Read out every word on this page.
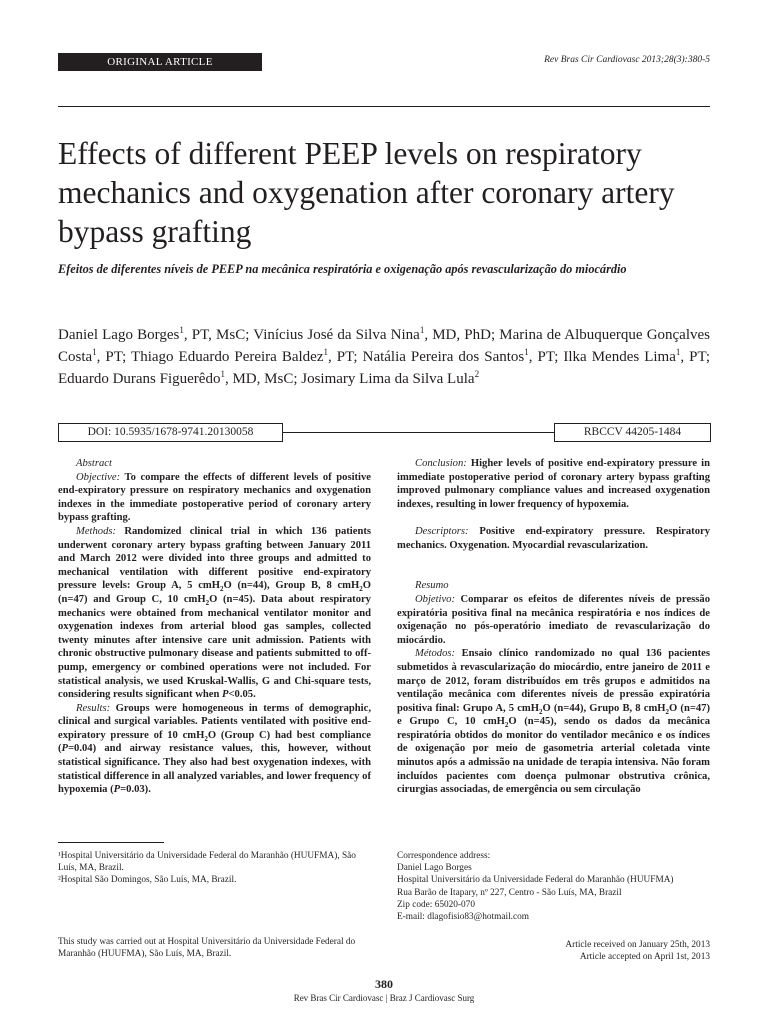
ORIGINAL ARTICLE	Rev Bras Cir Cardiovasc 2013;28(3):380-5
Effects of different PEEP levels on respiratory mechanics and oxygenation after coronary artery bypass grafting
Efeitos de diferentes níveis de PEEP na mecânica respiratória e oxigenação após revascularização do miocárdio
Daniel Lago Borges$^1$, PT, MsC; Vinícius José da Silva Nina$^1$, MD, PhD; Marina de Albuquerque Gonçalves Costa$^1$, PT; Thiago Eduardo Pereira Baldez$^1$, PT; Natália Pereira dos Santos$^1$, PT; Ilka Mendes Lima$^1$, PT; Eduardo Durans Figuerêdo$^1$, MD, MsC; Josimary Lima da Silva Lula$^2$
DOI: 10.5935/1678-9741.20130058	RBCCV 44205-1484

Abstract

Objective: To compare the effects of different levels of positive end-expiratory pressure on respiratory mechanics and oxygenation indexes in the immediate postoperative period of coronary artery bypass grafting.

Methods: Randomized clinical trial in which 136 patients underwent coronary artery bypass grafting between January 2011 and March 2012 were divided into three groups and admitted to mechanical ventilation with different positive end-expiratory pressure levels: Group A, 5 cmH$_2$O (n=44), Group B, 8 cmH$_2$O (n=47) and Group C, 10 cmH$_2$O (n=45). Data about respiratory mechanics were obtained from mechanical ventilator monitor and oxygenation indexes from arterial blood gas samples, collected twenty minutes after intensive care unit admission. Patients with chronic obstructive pulmonary disease and patients submitted to off-pump, emergency or combined operations were not included. For statistical analysis, we used Kruskal-Wallis, G and Chi-square tests, considering results significant when P<0.05.

Results: Groups were homogeneous in terms of demographic, clinical and surgical variables. Patients ventilated with positive end-expiratory pressure of 10 cmH$_2$O (Group C) had best compliance (P=0.04) and airway resistance values, this, however, without statistical significance. They also had best oxygenation indexes, with statistical difference in all analyzed variables, and lower frequency of hypoxemia (P=0.03).

Conclusion: Higher levels of positive end-expiratory pressure in immediate postoperative period of coronary artery bypass grafting improved pulmonary compliance values and increased oxygenation indexes, resulting in lower frequency of hypoxemia.

Descriptors: Positive end-expiratory pressure. Respiratory mechanics. Oxygenation. Myocardial revascularization.

Resumo

Objetivo: Comparar os efeitos de diferentes níveis de pressão expiratória positiva final na mecânica respiratória e nos índices de oxigenação no pós-operatório imediato de revascularização do miocárdio.

Métodos: Ensaio clínico randomizado no qual 136 pacientes submetidos à revascularização do miocárdio, entre janeiro de 2011 e março de 2012, foram distribuídos em três grupos e admitidos na ventilação mecânica com diferentes níveis de pressão expiratória positiva final: Grupo A, 5 cmH$_2$O (n=44), Grupo B, 8 cmH$_2$O (n=47) e Grupo C, 10 cmH$_2$O (n=45), sendo os dados da mecânica respiratória obtidos do monitor do ventilador mecânico e os índices de oxigenação por meio de gasometria arterial coletada vinte minutos após a admissão na unidade de terapia intensiva. Não foram incluídos pacientes com doença pulmonar obstrutiva crônica, cirurgias associadas, de emergência ou sem circulação

¹Hospital Universitário da Universidade Federal do Maranhão (HUUFMA), São Luís, MA, Brazil.
²Hospital São Domingos, São Luís, MA, Brazil.
This study was carried out at Hospital Universitário da Universidade Federal do Maranhão (HUUFMA), São Luís, MA, Brazil.
Correspondence address:
Daniel Lago Borges
Hospital Universitário da Universidade Federal do Maranhão (HUUFMA)
Rua Barão de Itapary, nº 227, Centro - São Luís, MA, Brazil
Zip code: 65020-070
E-mail: dlagofisio83@hotmail.com
Article received on January 25th, 2013
Article accepted on April 1st, 2013
380
Rev Bras Cir Cardiovasc | Braz J Cardiovasc Surg
